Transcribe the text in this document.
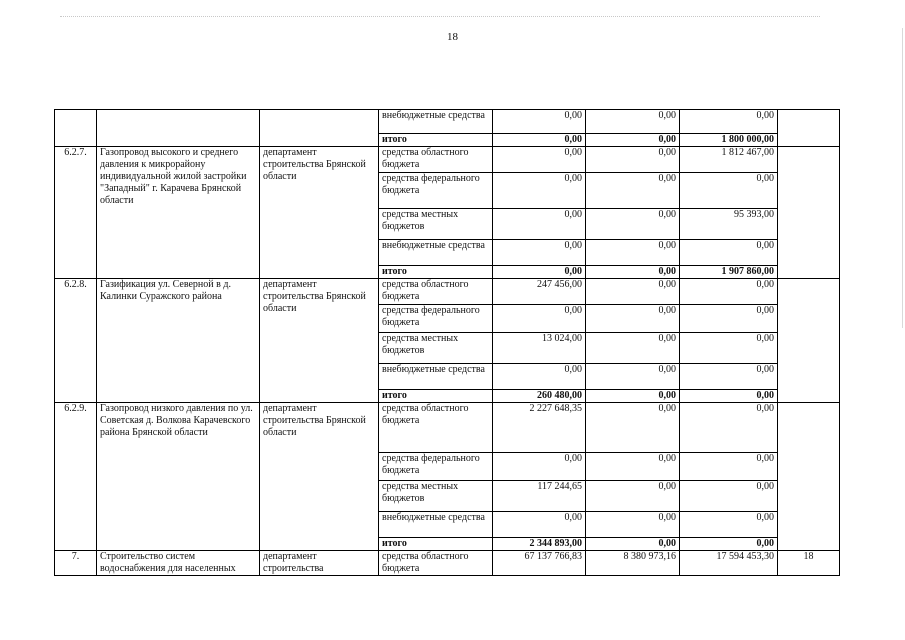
18
			внебюджетные средства	0,00	0,00	0,00	
			итого	0,00	0,00	1 800 000,00	
6.2.7.	Газопровод высокого и среднего давления к микрорайону индивидуальной жилой застройки "Западный" г. Карачева Брянской области	департамент строительства Брянской области	средства областного бюджета	0,00	0,00	1 812 467,00	
			средства федерального бюджета	0,00	0,00	0,00	
			средства местных бюджетов	0,00	0,00	95 393,00	
			внебюджетные средства	0,00	0,00	0,00	
			итого	0,00	0,00	1 907 860,00	
6.2.8.	Газификация ул. Северной в д. Калинки Суражского района	департамент строительства Брянской области	средства областного бюджета	247 456,00	0,00	0,00	
			средства федерального бюджета	0,00	0,00	0,00	
			средства местных бюджетов	13 024,00	0,00	0,00	
			внебюджетные средства	0,00	0,00	0,00	
			итого	260 480,00	0,00	0,00	
6.2.9.	Газопровод низкого давления по ул. Советская д. Волкова Карачевского района Брянской области	департамент строительства Брянской области	средства областного бюджета	2 227 648,35	0,00	0,00	
			средства федерального бюджета	0,00	0,00	0,00	
			средства местных бюджетов	117 244,65	0,00	0,00	
			внебюджетные средства	0,00	0,00	0,00	
			итого	2 344 893,00	0,00	0,00	
7.	Строительство систем водоснабжения для населенных	департамент строительства	средства областного бюджета	67 137 766,83	8 380 973,16	17 594 453,30	18
